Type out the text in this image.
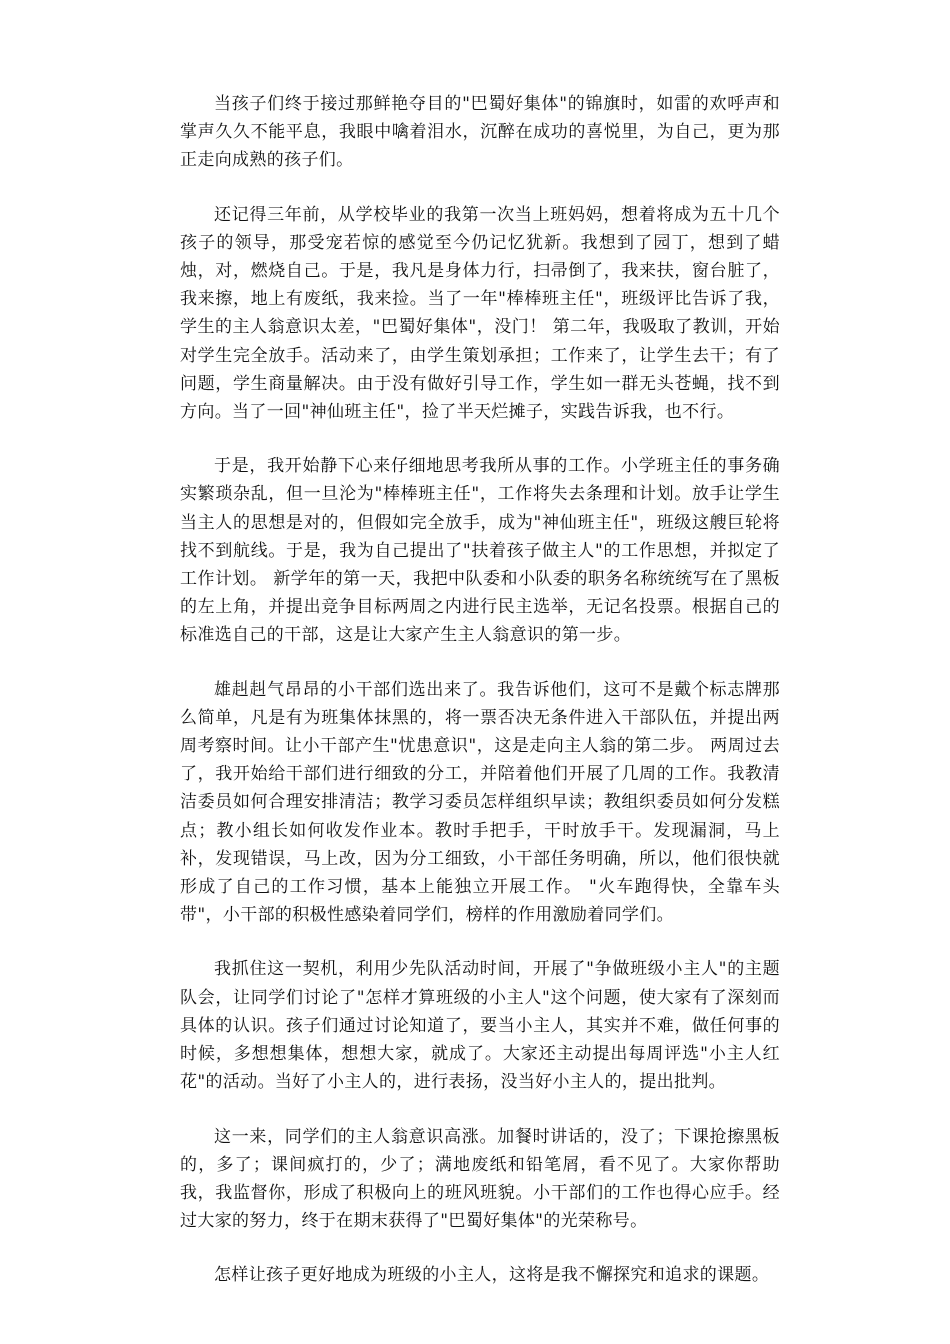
当孩子们终于接过那鲜艳夺目的"巴蜀好集体"的锦旗时，如雷的欢呼声和掌声久久不能平息，我眼中噙着泪水，沉醉在成功的喜悦里，为自己，更为那正走向成熟的孩子们。

还记得三年前，从学校毕业的我第一次当上班妈妈，想着将成为五十几个孩子的领导，那受宠若惊的感觉至今仍记忆犹新。我想到了园丁，想到了蜡烛，对，燃烧自己。于是，我凡是身体力行，扫帚倒了，我来扶，窗台脏了，我来擦，地上有废纸，我来捡。当了一年"棒棒班主任"，班级评比告诉了我，学生的主人翁意识太差，"巴蜀好集体"，没门！ 第二年，我吸取了教训，开始对学生完全放手。活动来了，由学生策划承担；工作来了，让学生去干；有了问题，学生商量解决。由于没有做好引导工作，学生如一群无头苍蝇，找不到方向。当了一回"神仙班主任"，捡了半天烂摊子，实践告诉我，也不行。

于是，我开始静下心来仔细地思考我所从事的工作。小学班主任的事务确实繁琐杂乱，但一旦沦为"棒棒班主任"，工作将失去条理和计划。放手让学生当主人的思想是对的，但假如完全放手，成为"神仙班主任"，班级这艘巨轮将找不到航线。于是，我为自己提出了"扶着孩子做主人"的工作思想，并拟定了工作计划。 新学年的第一天，我把中队委和小队委的职务名称统统写在了黑板的左上角，并提出竞争目标两周之内进行民主选举，无记名投票。根据自己的标准选自己的干部，这是让大家产生主人翁意识的第一步。

雄赳赳气昂昂的小干部们选出来了。我告诉他们，这可不是戴个标志牌那么简单，凡是有为班集体抹黑的，将一票否决无条件进入干部队伍，并提出两周考察时间。让小干部产生"忧患意识"，这是走向主人翁的第二步。 两周过去了，我开始给干部们进行细致的分工，并陪着他们开展了几周的工作。我教清洁委员如何合理安排清洁；教学习委员怎样组织早读；教组织委员如何分发糕点；教小组长如何收发作业本。教时手把手，干时放手干。发现漏洞，马上补，发现错误，马上改，因为分工细致，小干部任务明确，所以，他们很快就形成了自己的工作习惯，基本上能独立开展工作。 "火车跑得快，全靠车头带"，小干部的积极性感染着同学们，榜样的作用激励着同学们。

我抓住这一契机，利用少先队活动时间，开展了"争做班级小主人"的主题队会，让同学们讨论了"怎样才算班级的小主人"这个问题，使大家有了深刻而具体的认识。孩子们通过讨论知道了，要当小主人，其实并不难，做任何事的时候，多想想集体，想想大家，就成了。大家还主动提出每周评选"小主人红花"的活动。当好了小主人的，进行表扬，没当好小主人的，提出批判。

这一来，同学们的主人翁意识高涨。加餐时讲话的，没了；下课抢擦黑板的，多了；课间疯打的，少了；满地废纸和铅笔屑，看不见了。大家你帮助我，我监督你，形成了积极向上的班风班貌。小干部们的工作也得心应手。经过大家的努力，终于在期末获得了"巴蜀好集体"的光荣称号。

怎样让孩子更好地成为班级的小主人，这将是我不懈探究和追求的课题。
